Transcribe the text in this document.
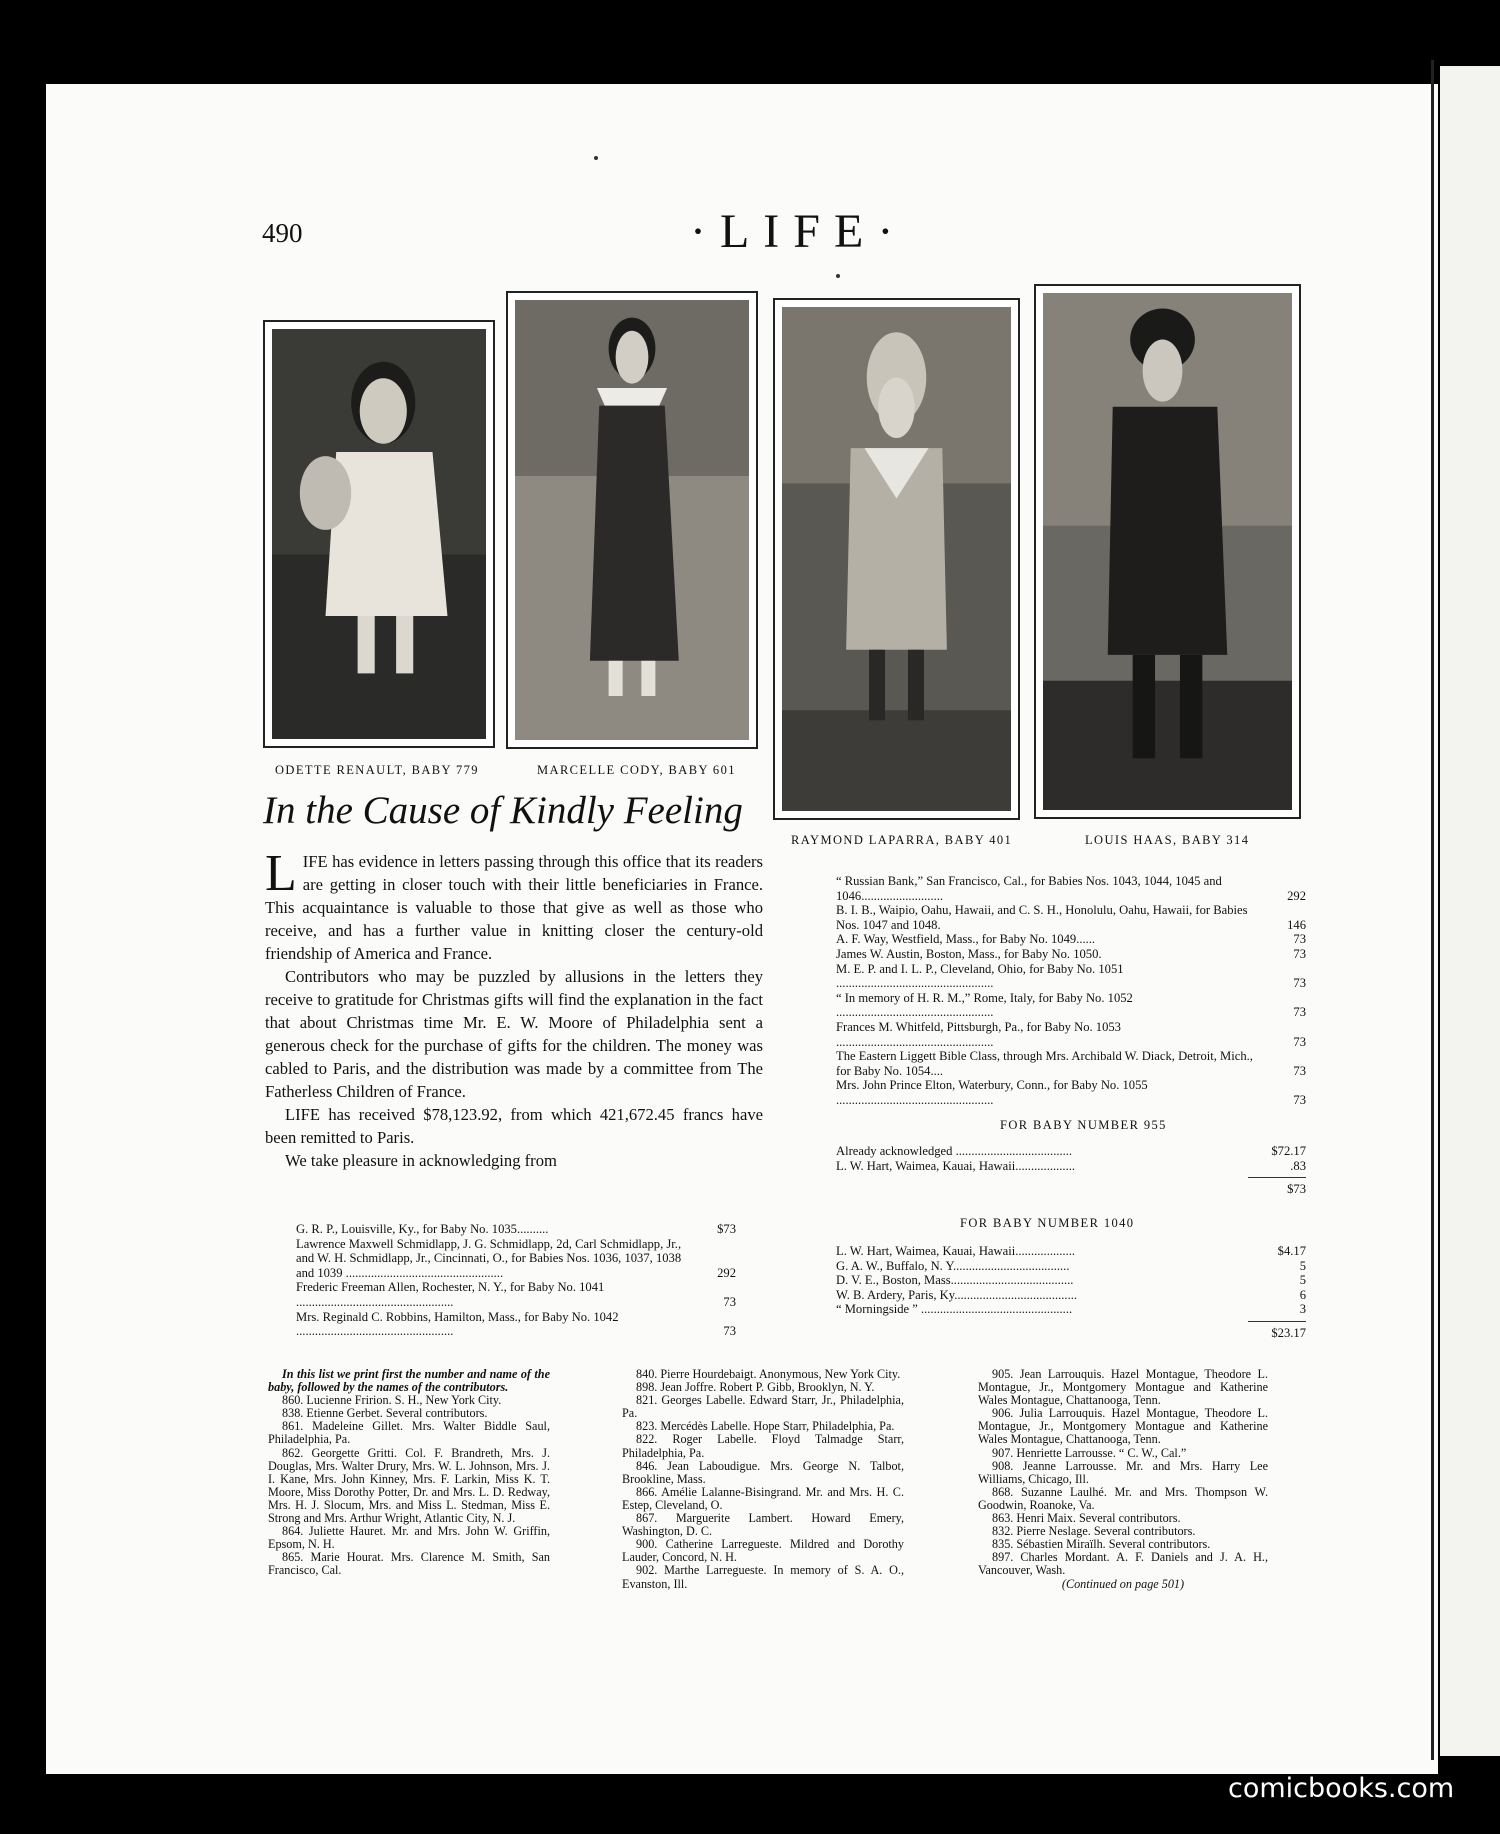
490	·LIFE·
ODETTE RENAULT, BABY 779	MARCELLE CODY, BABY 601
RAYMOND LAPARRA, BABY 401	LOUIS HAAS, BABY 314
In the Cause of Kindly Feeling

LIFE has evidence in letters passing through this office that its readers are getting in closer touch with their little beneficiaries in France. This acquaintance is valuable to those that give as well as those who receive, and has a further value in knitting closer the century-old friendship of America and France.

Contributors who may be puzzled by allusions in the letters they receive to gratitude for Christmas gifts will find the explanation in the fact that about Christmas time Mr. E. W. Moore of Philadelphia sent a generous check for the purchase of gifts for the children. The money was cabled to Paris, and the distribution was made by a committee from The Fatherless Children of France.

LIFE has received $78,123.92, from which 421,672.45 francs have been remitted to Paris.

We take pleasure in acknowledging from

G. R. P., Louisville, Ky., for Baby No. 1035..........	$73
Lawrence Maxwell Schmidlapp, J. G. Schmidlapp, 2d, Carl Schmidlapp, Jr., and W. H. Schmidlapp, Jr., Cincinnati, O., for Babies Nos. 1036, 1037, 1038 and 1039 ..................................................	292
Frederic Freeman Allen, Rochester, N. Y., for Baby No. 1041 ..................................................	73
Mrs. Reginald C. Robbins, Hamilton, Mass., for Baby No. 1042 ..................................................	73
“ Russian Bank,” San Francisco, Cal., for Babies Nos. 1043, 1044, 1045 and 1046..........................	292
B. I. B., Waipio, Oahu, Hawaii, and C. S. H., Honolulu, Oahu, Hawaii, for Babies Nos. 1047 and 1048.	146
A. F. Way, Westfield, Mass., for Baby No. 1049......	73
James W. Austin, Boston, Mass., for Baby No. 1050.	73
M. E. P. and I. L. P., Cleveland, Ohio, for Baby No. 1051 ..................................................	73
“ In memory of H. R. M.,” Rome, Italy, for Baby No. 1052 ..................................................	73
Frances M. Whitfeld, Pittsburgh, Pa., for Baby No. 1053 ..................................................	73
The Eastern Liggett Bible Class, through Mrs. Archibald W. Diack, Detroit, Mich., for Baby No. 1054....	73
Mrs. John Prince Elton, Waterbury, Conn., for Baby No. 1055 ..................................................	73
FOR BABY NUMBER 955
Already acknowledged .....................................	$72.17
L. W. Hart, Waimea, Kauai, Hawaii...................	.83
$73
FOR BABY NUMBER 1040
L. W. Hart, Waimea, Kauai, Hawaii...................	$4.17
G. A. W., Buffalo, N. Y.....................................	5
D. V. E., Boston, Mass.......................................	5
W. B. Ardery, Paris, Ky.......................................	6
“ Morningside ” ................................................	3
$23.17

In this list we print first the number and name of the baby, followed by the names of the contributors.

860. Lucienne Fririon. S. H., New York City.

838. Etienne Gerbet. Several contributors.

861. Madeleine Gillet. Mrs. Walter Biddle Saul, Philadelphia, Pa.

862. Georgette Gritti. Col. F. Brandreth, Mrs. J. Douglas, Mrs. Walter Drury, Mrs. W. L. Johnson, Mrs. J. I. Kane, Mrs. John Kinney, Mrs. F. Larkin, Miss K. T. Moore, Miss Dorothy Potter, Dr. and Mrs. L. D. Redway, Mrs. H. J. Slocum, Mrs. and Miss L. Stedman, Miss E. Strong and Mrs. Arthur Wright, Atlantic City, N. J.

864. Juliette Hauret. Mr. and Mrs. John W. Griffin, Epsom, N. H.

865. Marie Hourat. Mrs. Clarence M. Smith, San Francisco, Cal.

840. Pierre Hourdebaigt. Anonymous, New York City.

898. Jean Joffre. Robert P. Gibb, Brooklyn, N. Y.

821. Georges Labelle. Edward Starr, Jr., Philadelphia, Pa.

823. Mercédès Labelle. Hope Starr, Philadelphia, Pa.

822. Roger Labelle. Floyd Talmadge Starr, Philadelphia, Pa.

846. Jean Laboudigue. Mrs. George N. Talbot, Brookline, Mass.

866. Amélie Lalanne-Bisingrand. Mr. and Mrs. H. C. Estep, Cleveland, O.

867. Marguerite Lambert. Howard Emery, Washington, D. C.

900. Catherine Larregueste. Mildred and Dorothy Lauder, Concord, N. H.

902. Marthe Larregueste. In memory of S. A. O., Evanston, Ill.

905. Jean Larrouquis. Hazel Montague, Theodore L. Montague, Jr., Montgomery Montague and Katherine Wales Montague, Chattanooga, Tenn.

906. Julia Larrouquis. Hazel Montague, Theodore L. Montague, Jr., Montgomery Montague and Katherine Wales Montague, Chattanooga, Tenn.

907. Henriette Larrousse. “ C. W., Cal.”

908. Jeanne Larrousse. Mr. and Mrs. Harry Lee Williams, Chicago, Ill.

868. Suzanne Laulhé. Mr. and Mrs. Thompson W. Goodwin, Roanoke, Va.

863. Henri Maix. Several contributors.

832. Pierre Neslage. Several contributors.

835. Sébastien Miraïlh. Several contributors.

897. Charles Mordant. A. F. Daniels and J. A. H., Vancouver, Wash.

(Continued on page 501)

comicbooks.com
